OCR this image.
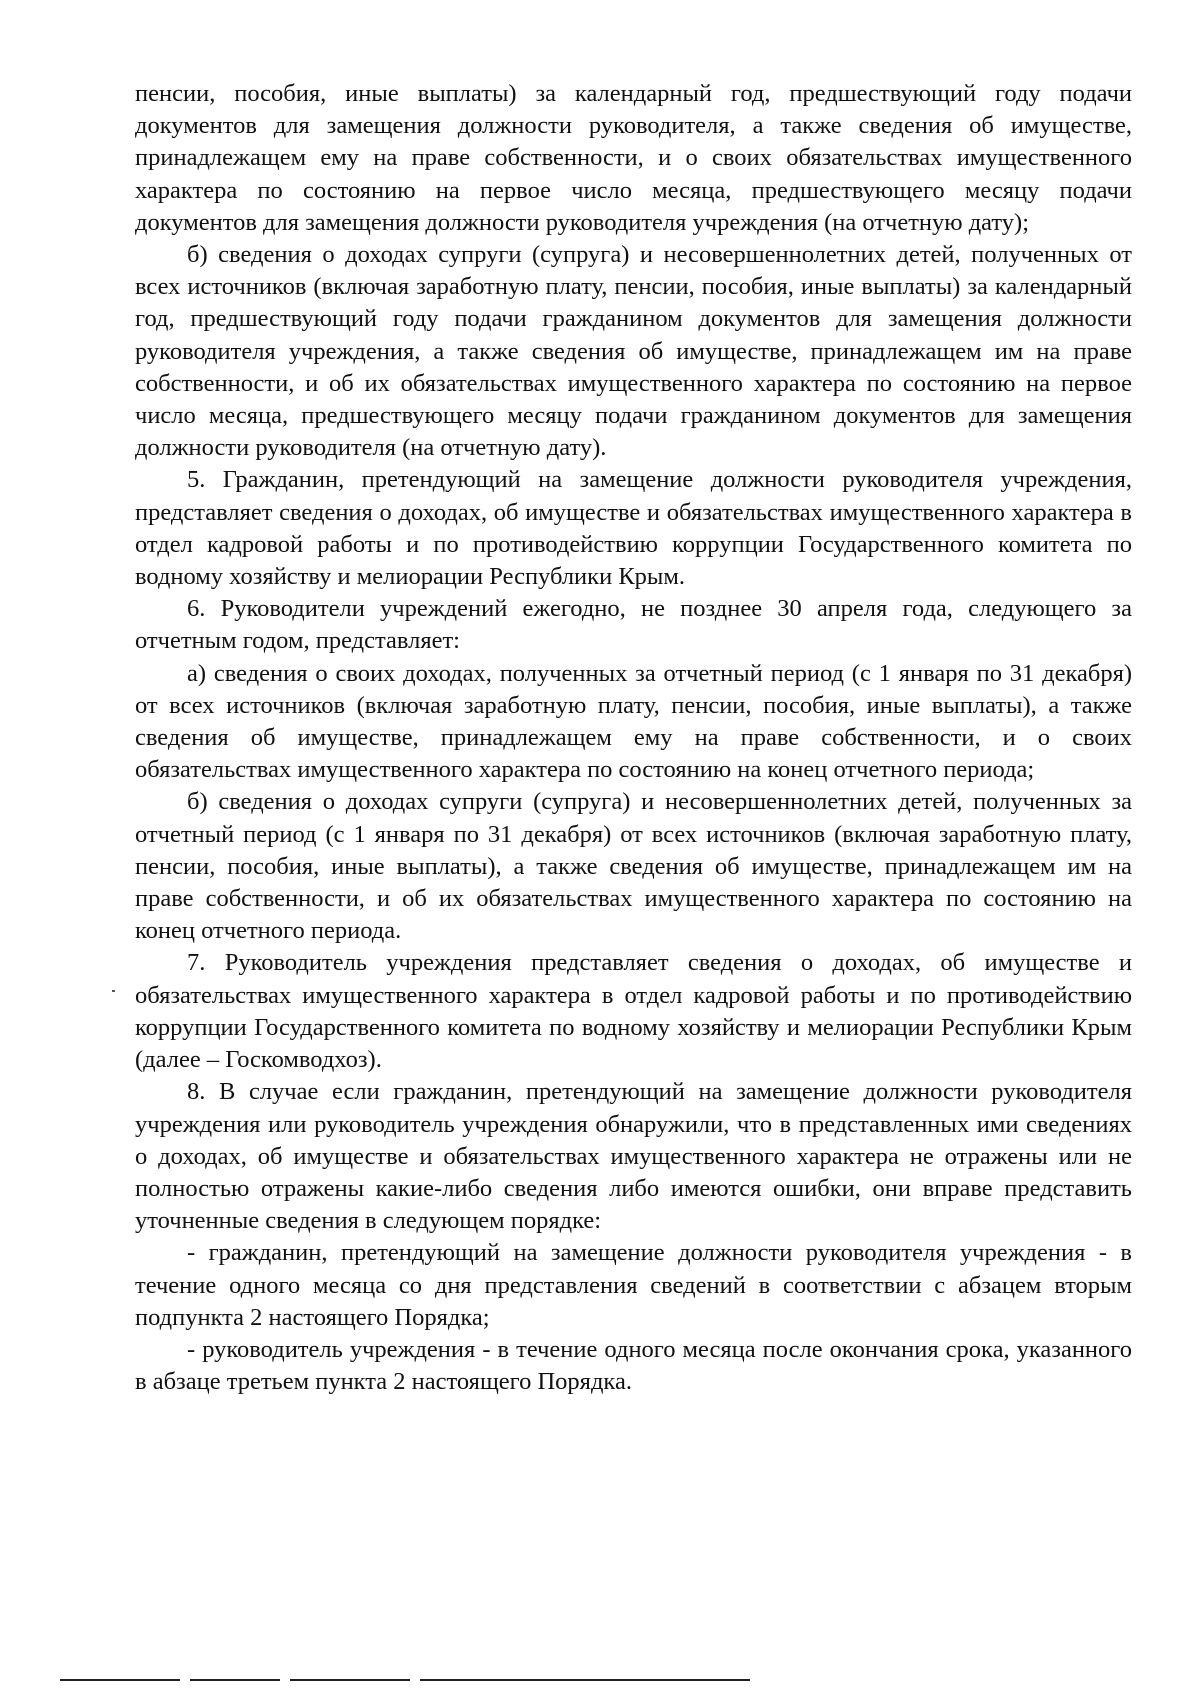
пенсии, пособия, иные выплаты) за календарный год, предшествующий году подачи документов для замещения должности руководителя, а также сведения об имуществе, принадлежащем ему на праве собственности, и о своих обязательствах имущественного характера по состоянию на первое число месяца, предшествующего месяцу подачи документов для замещения должности руководителя учреждения (на отчетную дату);

б) сведения о доходах супруги (супруга) и несовершеннолетних детей, полученных от всех источников (включая заработную плату, пенсии, пособия, иные выплаты) за календарный год, предшествующий году подачи гражданином документов для замещения должности руководителя учреждения, а также сведения об имуществе, принадлежащем им на праве собственности, и об их обязательствах имущественного характера по состоянию на первое число месяца, предшествующего месяцу подачи гражданином документов для замещения должности руководителя (на отчетную дату).

5. Гражданин, претендующий на замещение должности руководителя учреждения, представляет сведения о доходах, об имуществе и обязательствах имущественного характера в отдел кадровой работы и по противодействию коррупции Государственного комитета по водному хозяйству и мелиорации Республики Крым.

6. Руководители учреждений ежегодно, не позднее 30 апреля года, следующего за отчетным годом, представляет:

а) сведения о своих доходах, полученных за отчетный период (с 1 января по 31 декабря) от всех источников (включая заработную плату, пенсии, пособия, иные выплаты), а также сведения об имуществе, принадлежащем ему на праве собственности, и о своих обязательствах имущественного характера по состоянию на конец отчетного периода;

б) сведения о доходах супруги (супруга) и несовершеннолетних детей, полученных за отчетный период (с 1 января по 31 декабря) от всех источников (включая заработную плату, пенсии, пособия, иные выплаты), а также сведения об имуществе, принадлежащем им на праве собственности, и об их обязательствах имущественного характера по состоянию на конец отчетного периода.

7. Руководитель учреждения представляет сведения о доходах, об имуществе и обязательствах имущественного характера в отдел кадровой работы и по противодействию коррупции Государственного комитета по водному хозяйству и мелиорации Республики Крым (далее – Госкомводхоз).

8. В случае если гражданин, претендующий на замещение должности руководителя учреждения или руководитель учреждения обнаружили, что в представленных ими сведениях о доходах, об имуществе и обязательствах имущественного характера не отражены или не полностью отражены какие-либо сведения либо имеются ошибки, они вправе представить уточненные сведения в следующем порядке:

- гражданин, претендующий на замещение должности руководителя учреждения - в течение одного месяца со дня представления сведений в соответствии с абзацем вторым подпункта 2 настоящего Порядка;

- руководитель учреждения - в течение одного месяца после окончания срока, указанного в абзаце третьем пункта 2 настоящего Порядка.
